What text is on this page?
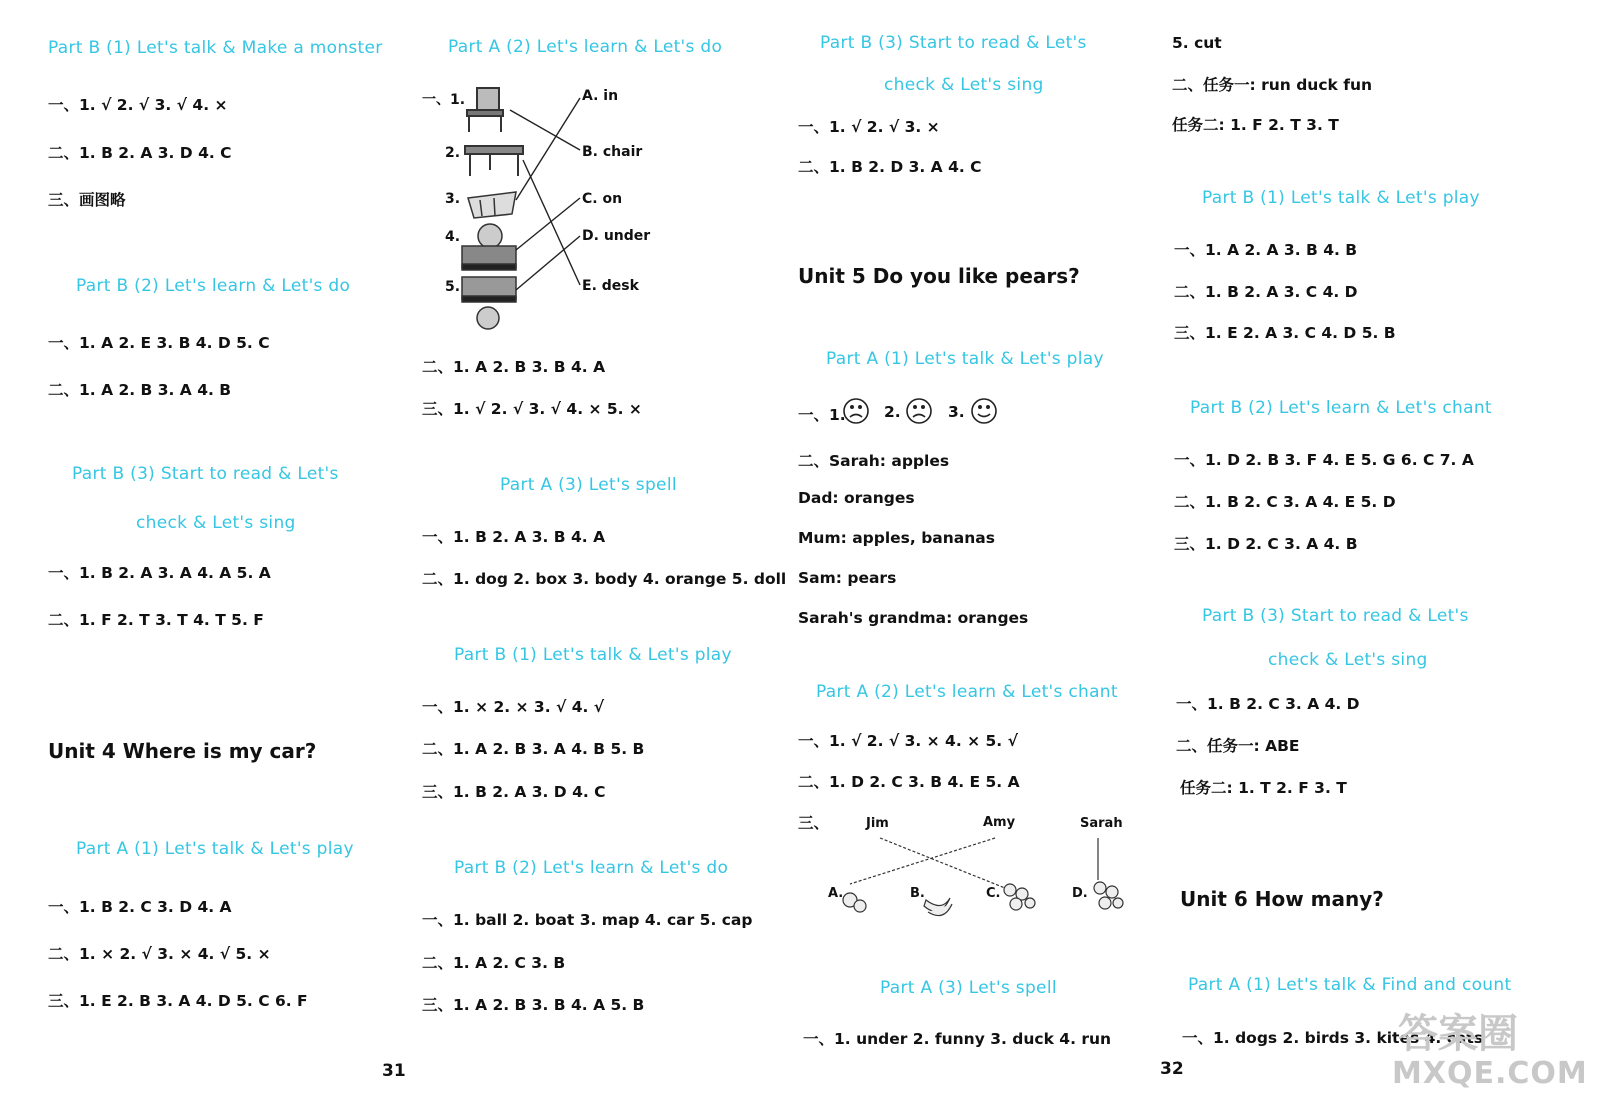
Part B (1) Let's talk & Make a monster
一、1. √ 2. √ 3. √ 4. ×
二、1. B 2. A 3. D 4. C
三、画图略
Part B (2) Let's learn & Let's do
一、1. A 2. E 3. B 4. D 5. C
二、1. A 2. B 3. A 4. B
Part B (3) Start to read & Let's
check & Let's sing
一、1. B 2. A 3. A 4. A 5. A
二、1. F 2. T 3. T 4. T 5. F
Unit 4 Where is my car?
Part A (1) Let's talk & Let's play
一、1. B 2. C 3. D 4. A
二、1. × 2. √ 3. × 4. √ 5. ×
三、1. E 2. B 3. A 4. D 5. C 6. F
Part A (2) Let's learn & Let's do
一、1.
2.
3.
4.
5.
A. in
B. chair
C. on
D. under
E. desk
二、1. A 2. B 3. B 4. A
三、1. √ 2. √ 3. √ 4. × 5. ×
Part A (3) Let's spell
一、1. B 2. A 3. B 4. A
二、1. dog 2. box 3. body 4. orange 5. doll
Part B (1) Let's talk & Let's play
一、1. × 2. × 3. √ 4. √
二、1. A 2. B 3. A 4. B 5. B
三、1. B 2. A 3. D 4. C
Part B (2) Let's learn & Let's do
一、1. ball 2. boat 3. map 4. car 5. cap
二、1. A 2. C 3. B
三、1. A 2. B 3. B 4. A 5. B
31
Part B (3) Start to read & Let's
check & Let's sing
一、1. √ 2. √ 3. ×
二、1. B 2. D 3. A 4. C
Unit 5 Do you like pears?
Part A (1) Let's talk & Let's play
一、1. 2.	3.
二、Sarah: apples
Dad: oranges
Mum: apples, bananas
Sam: pears
Sarah's grandma: oranges
Part A (2) Let's learn & Let's chant
一、1. √ 2. √ 3. × 4. × 5. √
二、1. D 2. C 3. B 4. E 5. A
三、	Jim	Amy	Sarah
A.	B.	C.	D.
Part A (3) Let's spell
一、1. under 2. funny 3. duck 4. run
5. cut
二、任务一: run duck fun
任务二: 1. F 2. T 3. T
Part B (1) Let's talk & Let's play
一、1. A 2. A 3. B 4. B
二、1. B 2. A 3. C 4. D
三、1. E 2. A 3. C 4. D 5. B
Part B (2) Let's learn & Let's chant
一、1. D 2. B 3. F 4. E 5. G 6. C 7. A
二、1. B 2. C 3. A 4. E 5. D
三、1. D 2. C 3. A 4. B
Part B (3) Start to read & Let's
check & Let's sing
一、1. B 2. C 3. A 4. D
二、任务一: ABE
任务二: 1. T 2. F 3. T
Unit 6 How many?
Part A (1) Let's talk & Find and count
一、1. dogs 2. birds 3. kites 4. cats
32
答案圈
MXQE.COM
